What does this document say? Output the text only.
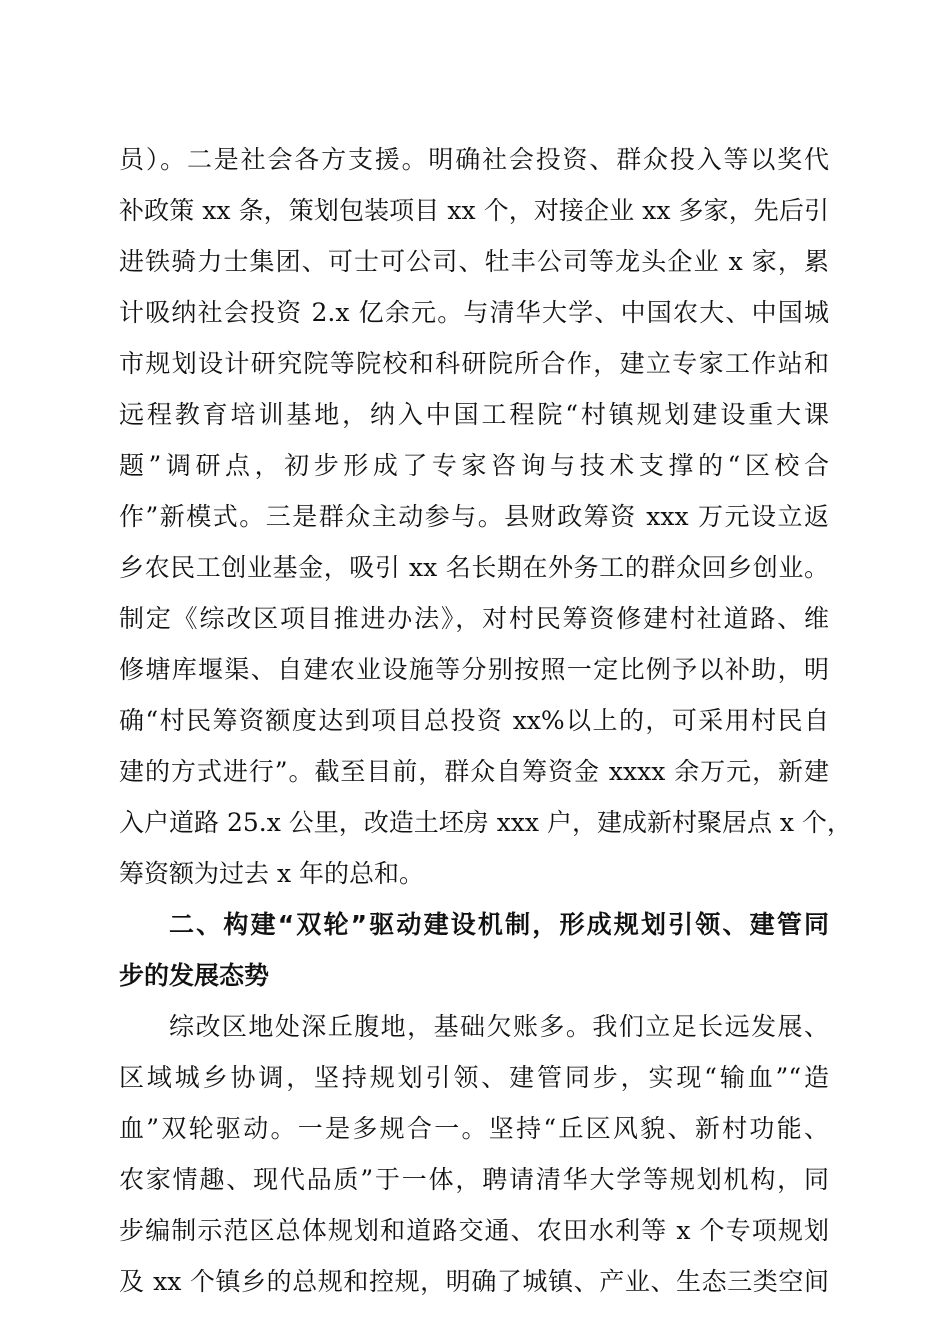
员）。二是社会各方支援。明确社会投资、群众投入等以奖代
补政策 xx 条，策划包装项目 xx 个，对接企业 xx 多家，先后引
进铁骑力士集团、可士可公司、牡丰公司等龙头企业 x 家，累
计吸纳社会投资 2.x 亿余元。与清华大学、中国农大、中国城
市规划设计研究院等院校和科研院所合作，建立专家工作站和
远程教育培训基地，纳入中国工程院“村镇规划建设重大课
题”调研点，初步形成了专家咨询与技术支撑的“区校合
作”新模式。三是群众主动参与。县财政筹资 xxx 万元设立返
乡农民工创业基金，吸引 xx 名长期在外务工的群众回乡创业。
制定《综改区项目推进办法》，对村民筹资修建村社道路、维
修塘库堰渠、自建农业设施等分别按照一定比例予以补助，明
确“村民筹资额度达到项目总投资 xx%以上的，可采用村民自
建的方式进行”。截至目前，群众自筹资金 xxxx 余万元，新建
入户道路 25.x 公里，改造土坯房 xxx 户，建成新村聚居点 x 个，
筹资额为过去 x 年的总和。
二、构建“双轮”驱动建设机制，形成规划引领、建管同
步的发展态势
综改区地处深丘腹地，基础欠账多。我们立足长远发展、
区域城乡协调，坚持规划引领、建管同步，实现“输血”“造
血”双轮驱动。一是多规合一。坚持“丘区风貌、新村功能、
农家情趣、现代品质”于一体，聘请清华大学等规划机构，同
步编制示范区总体规划和道路交通、农田水利等 x 个专项规划
及 xx 个镇乡的总规和控规，明确了城镇、产业、生态三类空间
